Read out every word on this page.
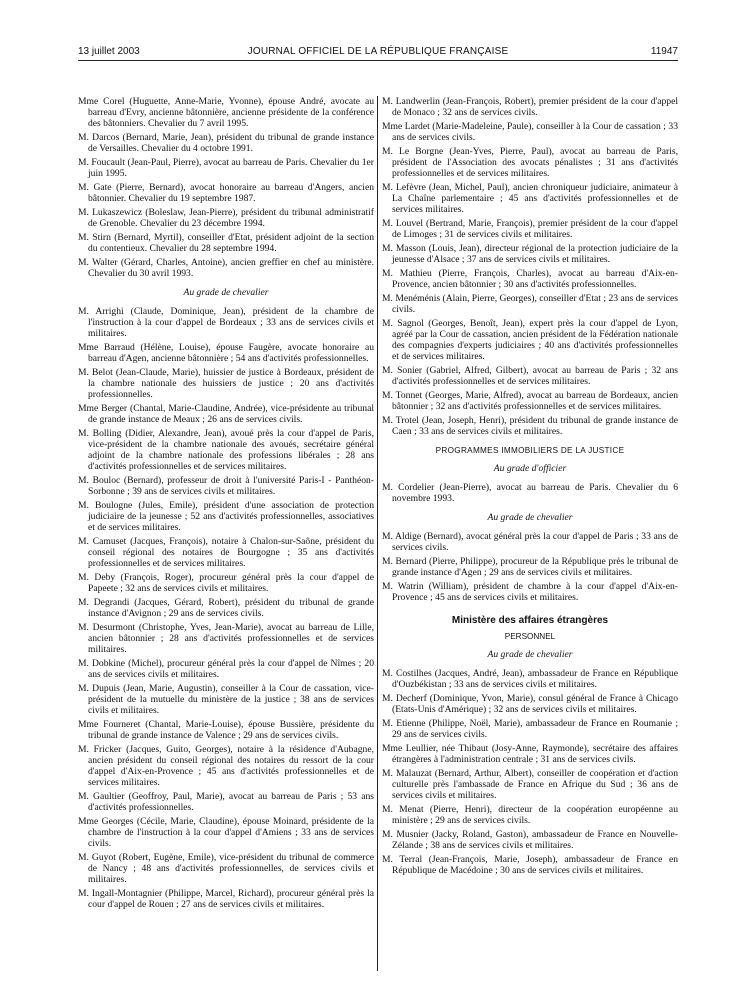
13 juillet 2003	JOURNAL OFFICIEL DE LA RÉPUBLIQUE FRANÇAISE	11947

Mme Corel (Huguette, Anne-Marie, Yvonne), épouse André, avocate au barreau d'Evry, ancienne bâtonnière, ancienne présidente de la conférence des bâtonniers. Chevalier du 7 avril 1995.

M. Darcos (Bernard, Marie, Jean), président du tribunal de grande instance de Versailles. Chevalier du 4 octobre 1991.

M. Foucault (Jean-Paul, Pierre), avocat au barreau de Paris. Chevalier du 1er juin 1995.

M. Gate (Pierre, Bernard), avocat honoraire au barreau d'Angers, ancien bâtonnier. Chevalier du 19 septembre 1987.

M. Lukaszewicz (Boleslaw, Jean-Pierre), président du tribunal administratif de Grenoble. Chevalier du 23 décembre 1994.

M. Stirn (Bernard, Myrtil), conseiller d'Etat, président adjoint de la section du contentieux. Chevalier du 28 septembre 1994.

M. Walter (Gérard, Charles, Antoine), ancien greffier en chef au ministère. Chevalier du 30 avril 1993.

Au grade de chevalier

M. Arrighi (Claude, Dominique, Jean), président de la chambre de l'instruction à la cour d'appel de Bordeaux ; 33 ans de services civils et militaires.

Mme Barraud (Hélène, Louise), épouse Faugère, avocate honoraire au barreau d'Agen, ancienne bâtonnière ; 54 ans d'activités professionnelles.

M. Belot (Jean-Claude, Marie), huissier de justice à Bordeaux, président de la chambre nationale des huissiers de justice ; 20 ans d'activités professionnelles.

Mme Berger (Chantal, Marie-Claudine, Andrée), vice-présidente au tribunal de grande instance de Meaux ; 26 ans de services civils.

M. Bolling (Didier, Alexandre, Jean), avoué près la cour d'appel de Paris, vice-président de la chambre nationale des avoués, secrétaire général adjoint de la chambre nationale des professions libérales ; 28 ans d'activités professionnelles et de services militaires.

M. Bouloc (Bernard), professeur de droit à l'université Paris-I - Panthéon-Sorbonne ; 39 ans de services civils et militaires.

M. Boulogne (Jules, Emile), président d'une association de protection judiciaire de la jeunesse ; 52 ans d'activités professionnelles, associatives et de services militaires.

M. Camuset (Jacques, François), notaire à Chalon-sur-Saône, président du conseil régional des notaires de Bourgogne ; 35 ans d'activités professionnelles et de services militaires.

M. Deby (François, Roger), procureur général près la cour d'appel de Papeete ; 32 ans de services civils et militaires.

M. Degrandi (Jacques, Gérard, Robert), président du tribunal de grande instance d'Avignon ; 29 ans de services civils.

M. Desurmont (Christophe, Yves, Jean-Marie), avocat au barreau de Lille, ancien bâtonnier ; 28 ans d'activités professionnelles et de services militaires.

M. Dobkine (Michel), procureur général près la cour d'appel de Nîmes ; 20 ans de services civils et militaires.

M. Dupuis (Jean, Marie, Augustin), conseiller à la Cour de cassation, vice-président de la mutuelle du ministère de la justice ; 38 ans de services civils et militaires.

Mme Fourneret (Chantal, Marie-Louise), épouse Bussière, présidente du tribunal de grande instance de Valence ; 29 ans de services civils.

M. Fricker (Jacques, Guito, Georges), notaire à la résidence d'Aubagne, ancien président du conseil régional des notaires du ressort de la cour d'appel d'Aix-en-Provence ; 45 ans d'activités professionnelles et de services militaires.

M. Gaultier (Geoffroy, Paul, Marie), avocat au barreau de Paris ; 53 ans d'activités professionnelles.

Mme Georges (Cécile, Marie, Claudine), épouse Moinard, présidente de la chambre de l'instruction à la cour d'appel d'Amiens ; 33 ans de services civils.

M. Guyot (Robert, Eugène, Emile), vice-président du tribunal de commerce de Nancy ; 48 ans d'activités professionnelles, de services civils et militaires.

M. Ingall-Montagnier (Philippe, Marcel, Richard), procureur général près la cour d'appel de Rouen ; 27 ans de services civils et militaires.

M. Landwerlin (Jean-François, Robert), premier président de la cour d'appel de Monaco ; 32 ans de services civils.

Mme Lardet (Marie-Madeleine, Paule), conseiller à la Cour de cassation ; 33 ans de services civils.

M. Le Borgne (Jean-Yves, Pierre, Paul), avocat au barreau de Paris, président de l'Association des avocats pénalistes ; 31 ans d'activités professionnelles et de services militaires.

M. Lefèvre (Jean, Michel, Paul), ancien chroniqueur judiciaire, animateur à La Chaîne parlementaire ; 45 ans d'activités professionnelles et de services militaires.

M. Louvel (Bertrand, Marie, François), premier président de la cour d'appel de Limoges ; 31 de services civils et militaires.

M. Masson (Louis, Jean), directeur régional de la protection judiciaire de la jeunesse d'Alsace ; 37 ans de services civils et militaires.

M. Mathieu (Pierre, François, Charles), avocat au barreau d'Aix-en-Provence, ancien bâtonnier ; 30 ans d'activités professionnelles.

M. Menéménis (Alain, Pierre, Georges), conseiller d'Etat ; 23 ans de services civils.

M. Sagnol (Georges, Benoît, Jean), expert près la cour d'appel de Lyon, agréé par la Cour de cassation, ancien président de la Fédération nationale des compagnies d'experts judiciaires ; 40 ans d'activités professionnelles et de services militaires.

M. Sonier (Gabriel, Alfred, Gilbert), avocat au barreau de Paris ; 32 ans d'activités professionnelles et de services militaires.

M. Tonnet (Georges, Marie, Alfred), avocat au barreau de Bordeaux, ancien bâtonnier ; 32 ans d'activités professionnelles et de services militaires.

M. Trotel (Jean, Joseph, Henri), président du tribunal de grande instance de Caen ; 33 ans de services civils et militaires.

PROGRAMMES IMMOBILIERS DE LA JUSTICE
Au grade d'officier

M. Cordelier (Jean-Pierre), avocat au barreau de Paris. Chevalier du 6 novembre 1993.

Au grade de chevalier

M. Aldige (Bernard), avocat général près la cour d'appel de Paris ; 33 ans de services civils.

M. Bernard (Pierre, Philippe), procureur de la République près le tribunal de grande instance d'Agen ; 29 ans de services civils et militaires.

M. Watrin (William), président de chambre à la cour d'appel d'Aix-en-Provence ; 45 ans de services civils et militaires.

Ministère des affaires étrangères
PERSONNEL
Au grade de chevalier

M. Costilhes (Jacques, André, Jean), ambassadeur de France en République d'Ouzbékistan ; 33 ans de services civils et militaires.

M. Decherf (Dominique, Yvon, Marie), consul général de France à Chicago (Etats-Unis d'Amérique) ; 32 ans de services civils et militaires.

M. Etienne (Philippe, Noël, Marie), ambassadeur de France en Roumanie ; 29 ans de services civils.

Mme Leullier, née Thibaut (Josy-Anne, Raymonde), secrétaire des affaires étrangères à l'administration centrale ; 31 ans de services civils.

M. Malauzat (Bernard, Arthur, Albert), conseiller de coopération et d'action culturelle près l'ambassade de France en Afrique du Sud ; 36 ans de services civils et militaires.

M. Menat (Pierre, Henri), directeur de la coopération européenne au ministère ; 29 ans de services civils.

M. Musnier (Jacky, Roland, Gaston), ambassadeur de France en Nouvelle-Zélande ; 38 ans de services civils et militaires.

M. Terral (Jean-François, Marie, Joseph), ambassadeur de France en République de Macédoine ; 30 ans de services civils et militaires.
